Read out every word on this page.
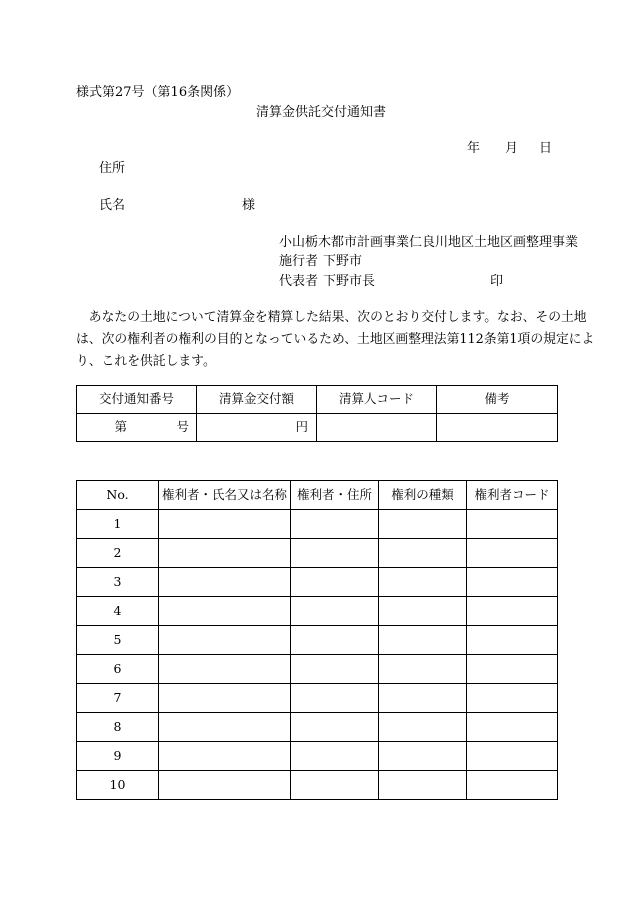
様式第27号（第16条関係）
清算金供託交付通知書
年 月 日
住所
氏名	様
小山栃木都市計画事業仁良川地区土地区画整理事業
施行者 下野市
代表者 下野市長	印
　あなたの土地について清算金を精算した結果、次のとおり交付します。なお、その土地
は、次の権利者の権利の目的となっているため、土地区画整理法第112条第1項の規定によ
り、これを供託します。
交付通知番号	清算金交付額	清算人コード	備考
第 号	円		
No.	権利者・氏名又は名称	権利者・住所	権利の種類	権利者コード
1				
2				
3				
4				
5				
6				
7				
8				
9				
10				
